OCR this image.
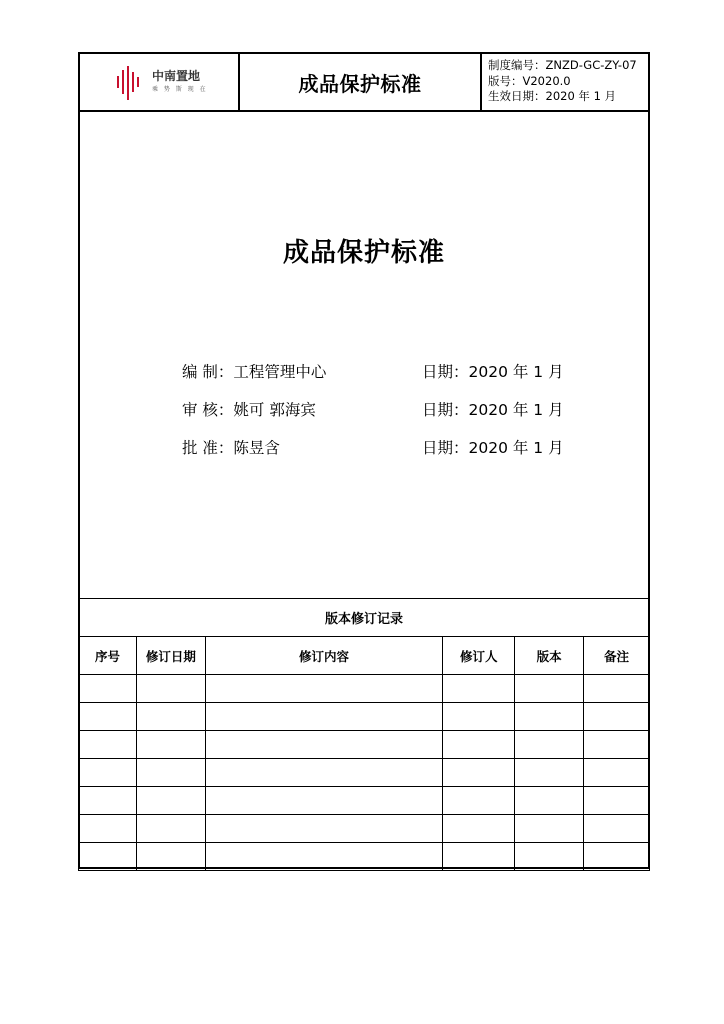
中南置地
乘 势 斯 现 在	成品保护标准
制度编号：ZNZD-GC-ZY-07
版号：V2020.0
生效日期：2020 年 1 月
成品保护标准
编 制：工程管理中心	日期：2020 年 1 月
审 核：姚可 郭海宾	日期：2020 年 1 月
批 准：陈昱含	日期：2020 年 1 月
版本修订记录
序号	修订日期	修订内容	修订人	版本	备注
